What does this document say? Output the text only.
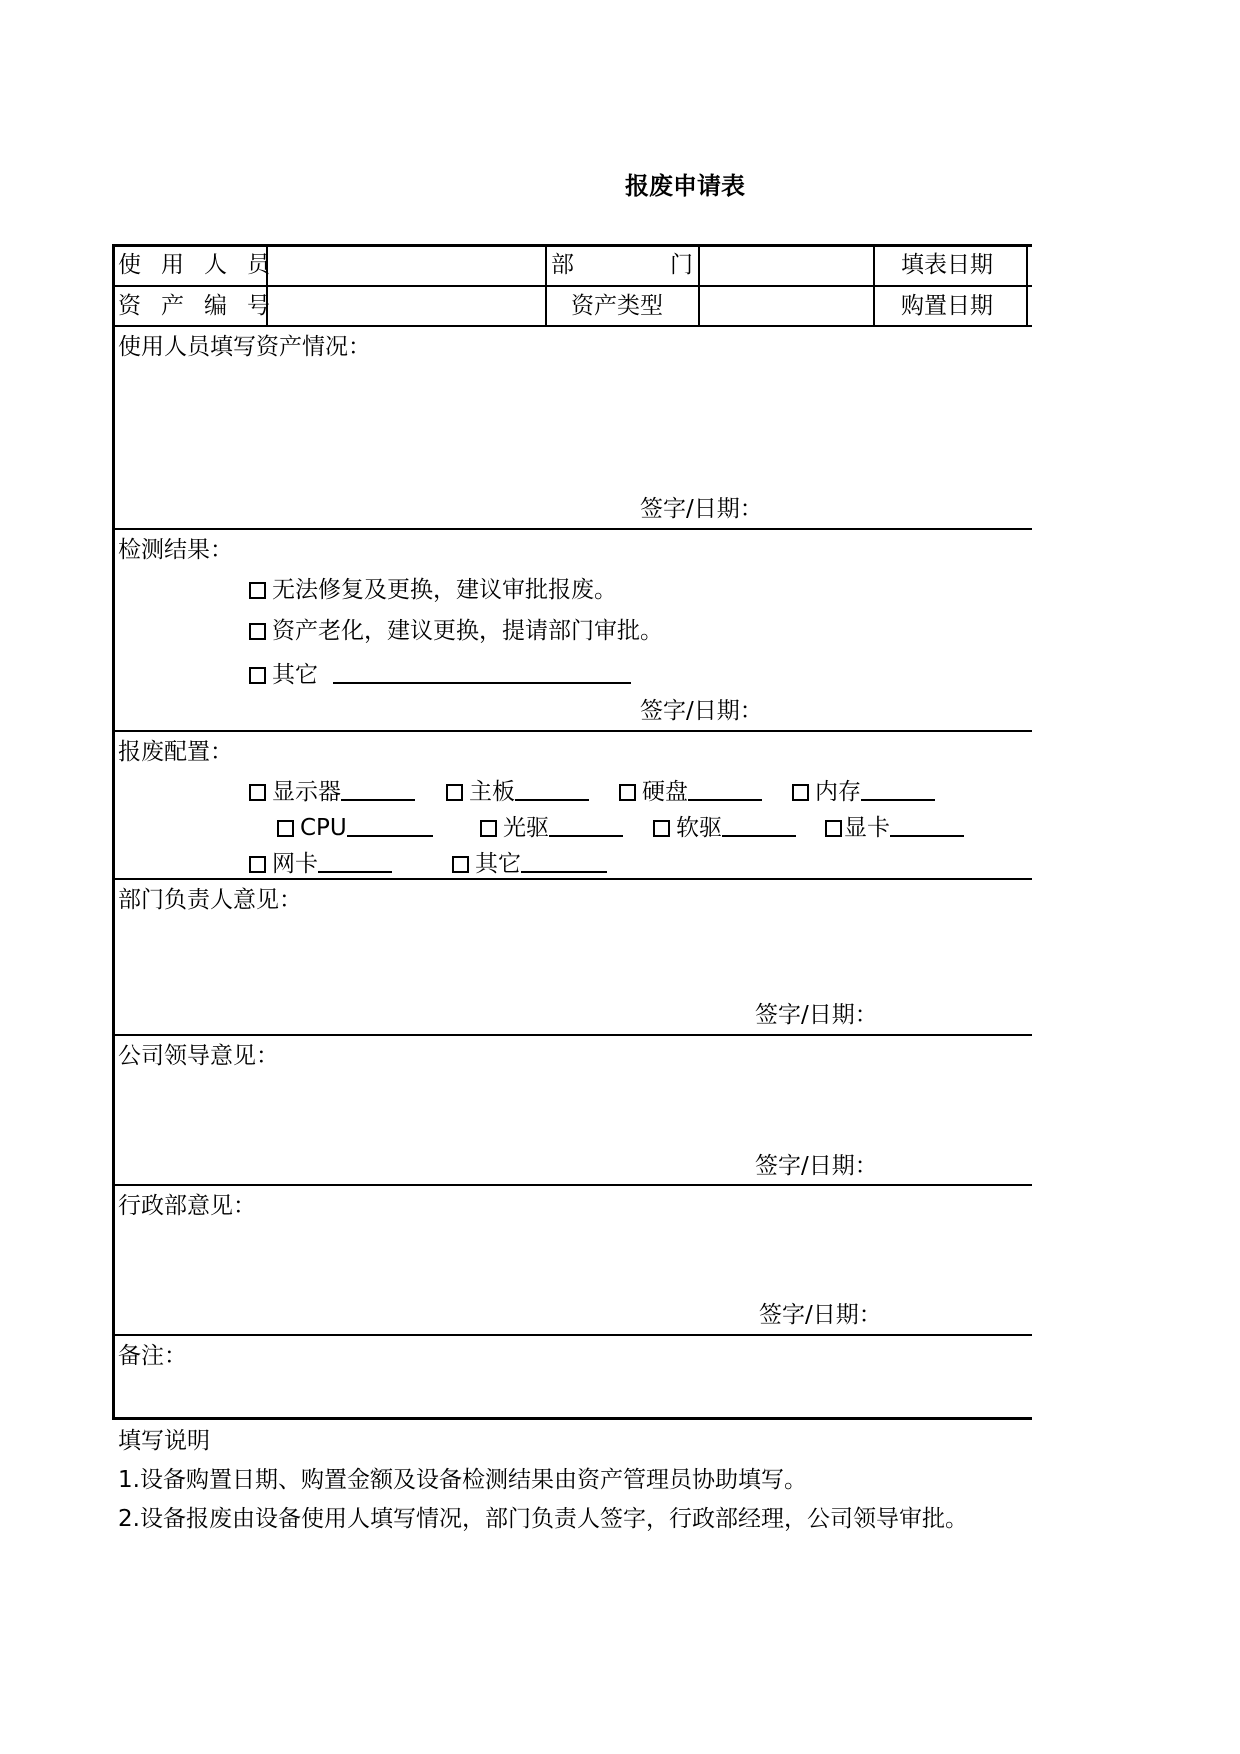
报废申请表
使用人员	部	门	填表日期
资产编号	资产类型	购置日期
使用人员填写资产情况：
签字/日期：
检测结果：
无法修复及更换，建议审批报废。
资产老化，建议更换，提请部门审批。
其它
签字/日期：
报废配置：
显示器	主板	硬盘	内存
CPU	光驱	软驱	显卡
网卡	其它
部门负责人意见：
签字/日期：
公司领导意见：
签字/日期：
行政部意见：
签字/日期：
备注：
填写说明
1.设备购置日期、购置金额及设备检测结果由资产管理员协助填写。
2.设备报废由设备使用人填写情况，部门负责人签字，行政部经理，公司领导审批。
